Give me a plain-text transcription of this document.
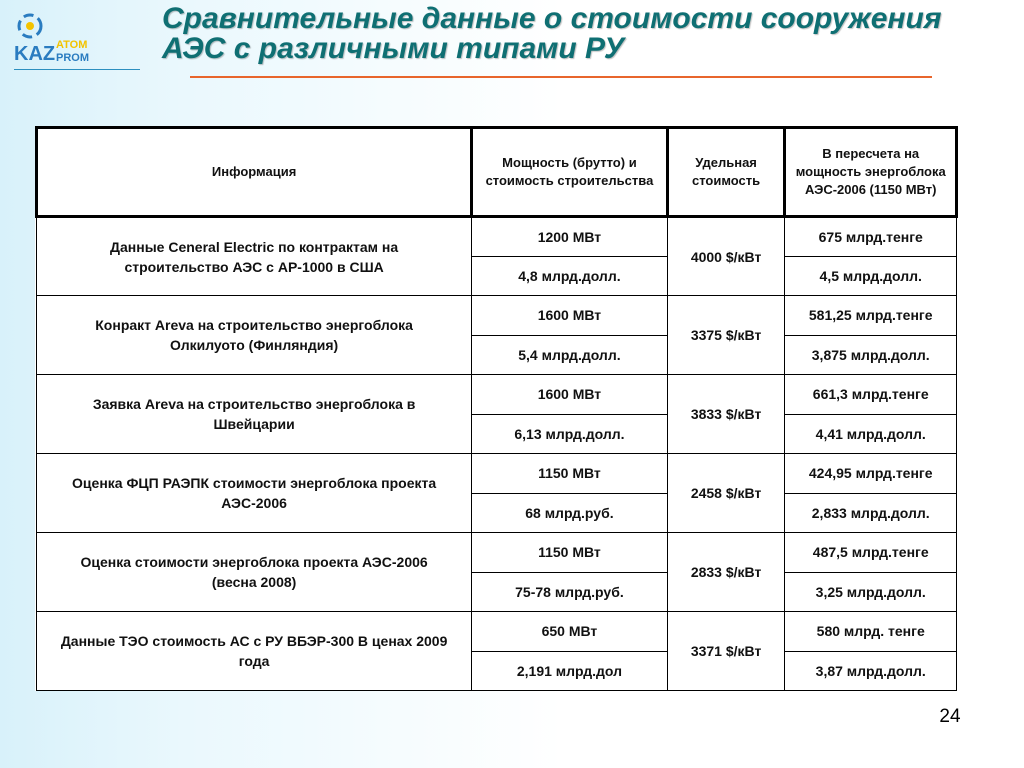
KAZ ATOM
PROM
Сравнительные данные о стоимости сооружения АЭС с различными типами РУ
Информация	Мощность (брутто) и стоимость строительства	Удельная стоимость	В пересчета на мощность энергоблока АЭС-2006 (1150 МВт)
Данные Ceneral Electric по контрактам на строительство АЭС с АР-1000 в США	1200 МВт	4000 $/кВт	675 млрд.тенге
	4,8 млрд.долл.		4,5 млрд.долл.
Конракт Areva на строительство энергоблока Олкилуото (Финляндия)	1600 МВт	3375 $/кВт	581,25 млрд.тенге
	5,4 млрд.долл.		3,875 млрд.долл.
Заявка Areva на строительство энергоблока в Швейцарии	1600 МВт	3833 $/кВт	661,3 млрд.тенге
	6,13 млрд.долл.		4,41 млрд.долл.
Оценка ФЦП РАЭПК стоимости энергоблока проекта АЭС-2006	1150 МВт	2458 $/кВт	424,95 млрд.тенге
	68 млрд.руб.		2,833 млрд.долл.
Оценка стоимости энергоблока проекта АЭС-2006 (весна 2008)	1150 МВт	2833 $/кВт	487,5 млрд.тенге
	75-78 млрд.руб.		3,25 млрд.долл.
Данные ТЭО стоимость АС с РУ ВБЭР-300 В ценах 2009 года	650 МВт	3371 $/кВт	580 млрд. тенге
	2,191 млрд.дол		3,87 млрд.долл.
24
